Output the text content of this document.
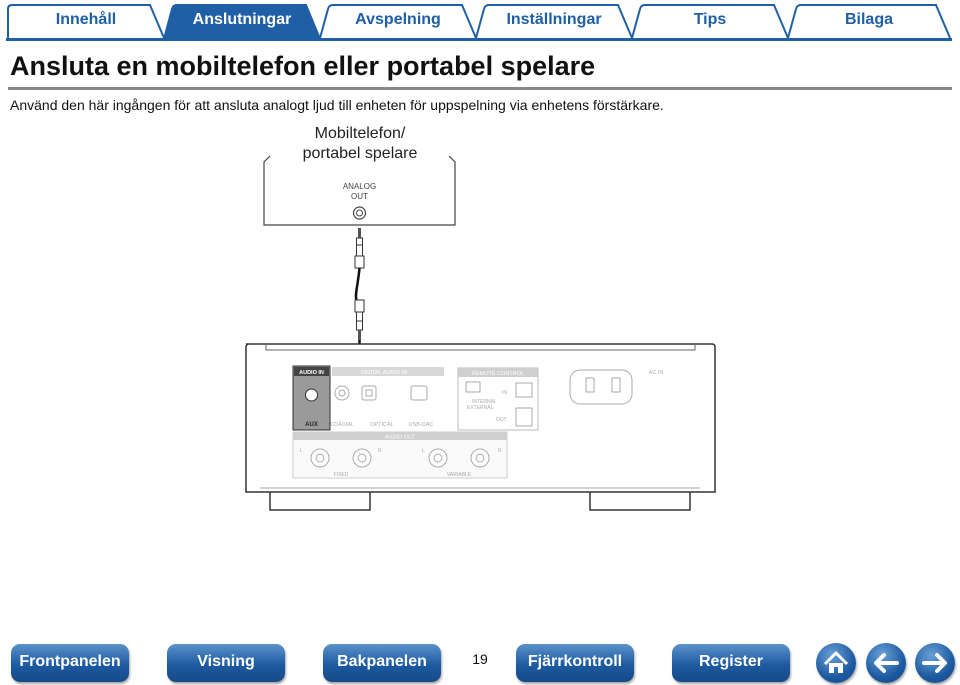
Innehåll	Anslutningar	Avspelning	Inställningar	Tips	Bilaga
Ansluta en mobiltelefon eller portabel spelare

Använd den här ingången för att ansluta analogt ljud till enheten för uppspelning via enhetens förstärkare.

Mobiltelefon/
portabel spelare
ANALOG
OUT
AUDIO IN
AUX
DIGITAL AUDIO IN
COAXIAL	OPTICAL	USB-DAC
REMOTE CONTROL
INTERNAL
EXTERNAL
IN
OUT
AC IN
AUDIO OUT
L	R	L	R
FIXED	VARIABLE
Frontpanelen	Visning	Bakpanelen	19	Fjärrkontroll	Register
